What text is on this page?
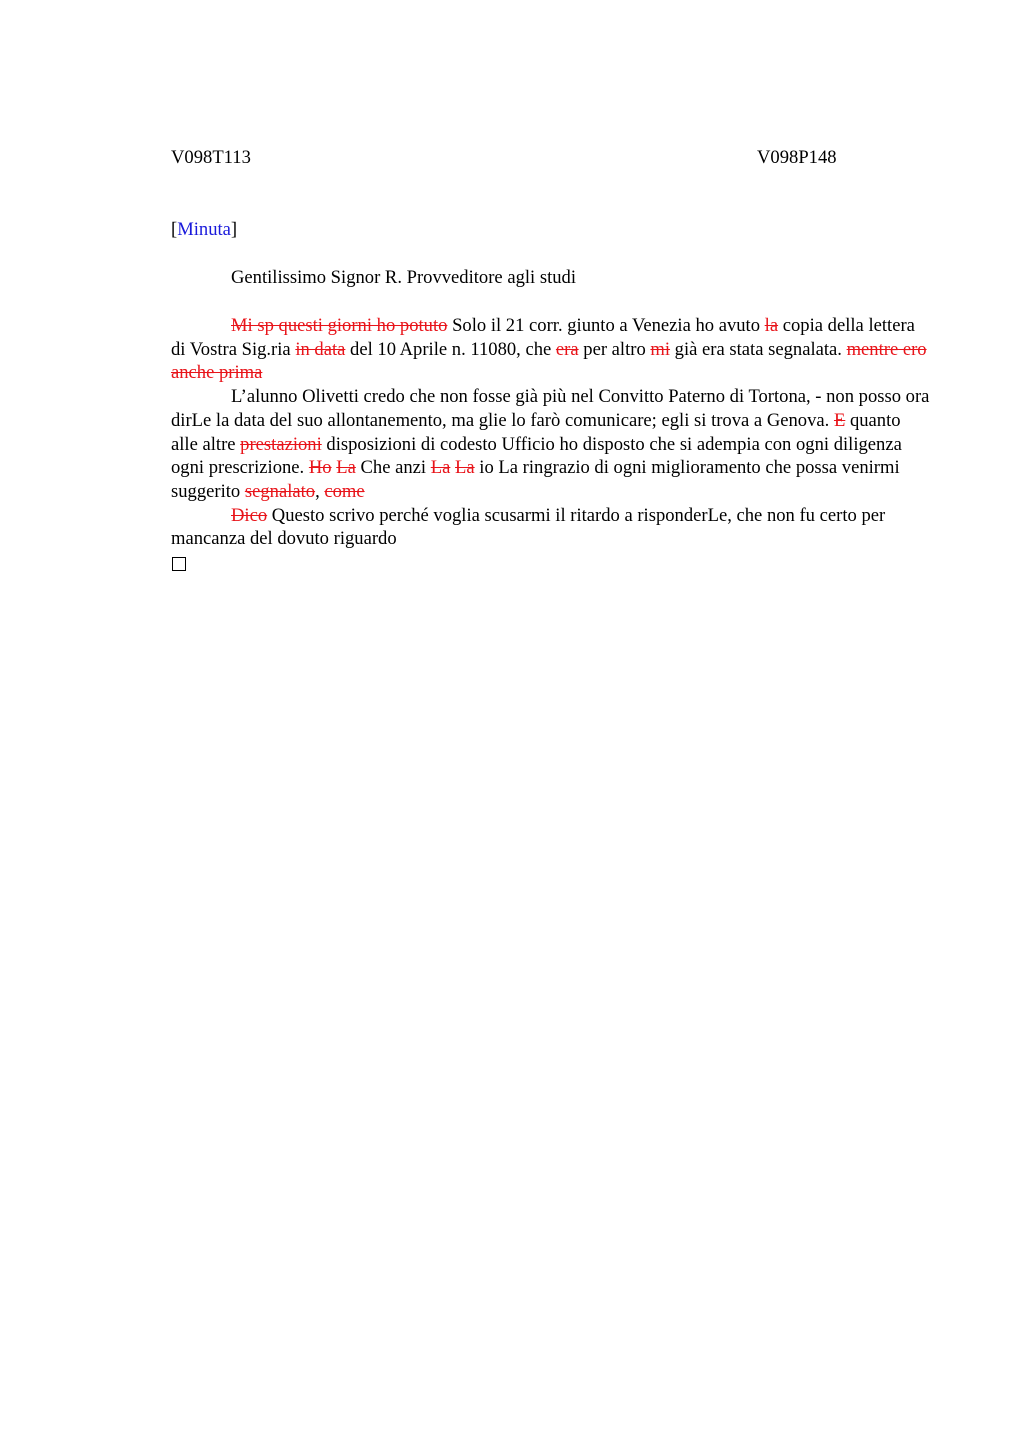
V098T113	V098P148
[Minuta]
Gentilissimo Signor R. Provveditore agli studi

Mi sp questi giorni ho potuto Solo il 21 corr. giunto a Venezia ho avuto la copia della lettera di Vostra Sig.ria in data del 10 Aprile n. 11080, che era per altro mi già era stata segnalata. mentre ero anche prima

L’alunno Olivetti credo che non fosse già più nel Convitto Paterno di Tortona, - non posso ora dirLe la data del suo allontanemento, ma glie lo farò comunicare; egli si trova a Genova. E quanto alle altre prestazioni disposizioni di codesto Ufficio ho disposto che si adempia con ogni diligenza ogni prescrizione. Ho La Che anzi La La io La ringrazio di ogni miglioramento che possa venirmi suggerito segnalato, come

Dico Questo scrivo perché voglia scusarmi il ritardo a risponderLe, che non fu certo per mancanza del dovuto riguardo
